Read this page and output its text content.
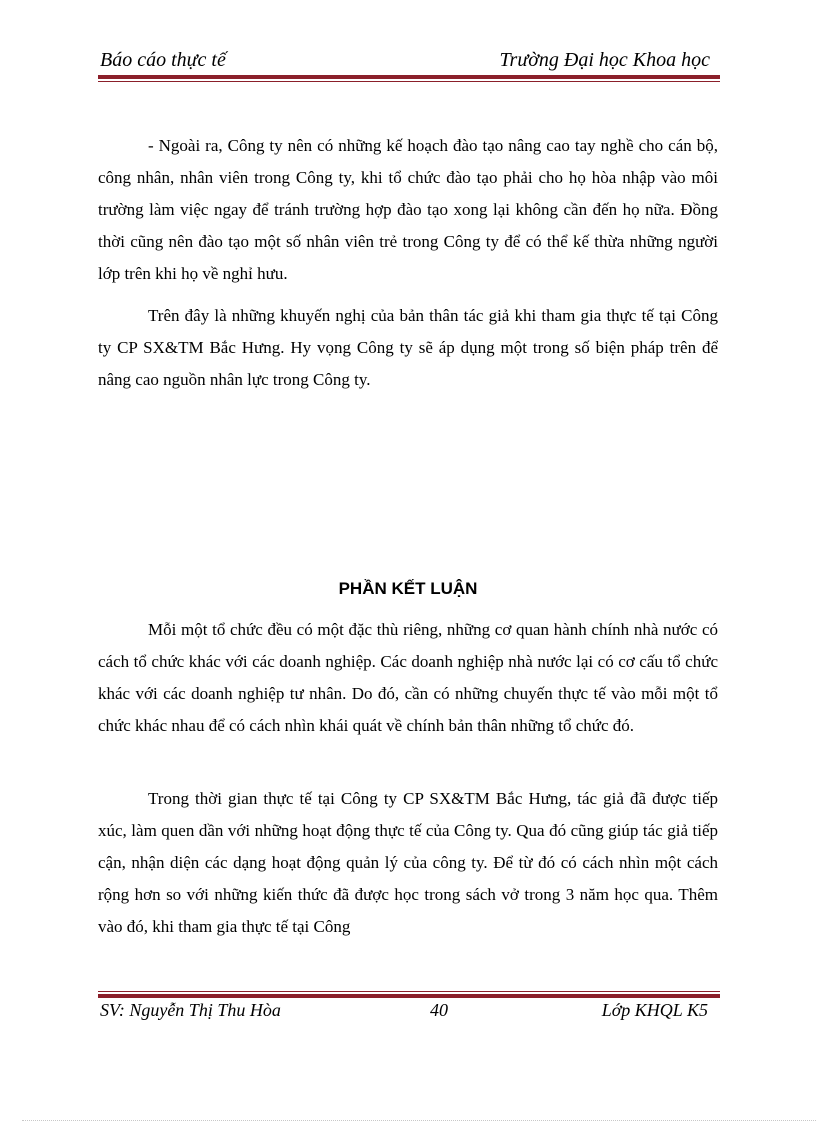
Báo cáo thực tế	Trường Đại học Khoa học

- Ngoài ra, Công ty nên có những kế hoạch đào tạo nâng cao tay nghề cho cán bộ, công nhân, nhân viên trong Công ty, khi tổ chức đào tạo phải cho họ hòa nhập vào môi trường làm việc ngay để tránh trường hợp đào tạo xong lại không cần đến họ nữa. Đồng thời cũng nên đào tạo một số nhân viên trẻ trong Công ty để có thể kế thừa những người lớp trên khi họ về nghỉ hưu.

Trên đây là những khuyến nghị của bản thân tác giả khi tham gia thực tế tại Công ty CP SX&TM Bắc Hưng. Hy vọng Công ty sẽ áp dụng một trong số biện pháp trên để nâng cao nguồn nhân lực trong Công ty.

PHẦN KẾT LUẬN

Mỗi một tổ chức đều có một đặc thù riêng, những cơ quan hành chính nhà nước có cách tổ chức khác với các doanh nghiệp. Các doanh nghiệp nhà nước lại có cơ cấu tổ chức khác với các doanh nghiệp tư nhân. Do đó, cần có những chuyến thực tế vào mỗi một tổ chức khác nhau để có cách nhìn khái quát về chính bản thân những tổ chức đó.

Trong thời gian thực tế tại Công ty CP SX&TM Bắc Hưng, tác giả đã được tiếp xúc, làm quen dần với những hoạt động thực tế của Công ty. Qua đó cũng giúp tác giả tiếp cận, nhận diện các dạng hoạt động quản lý của công ty. Để từ đó có cách nhìn một cách rộng hơn so với những kiến thức đã được học trong sách vở trong 3 năm học qua. Thêm vào đó, khi tham gia thực tế tại Công

SV: Nguyễn Thị Thu Hòa	40	Lớp KHQL K5
